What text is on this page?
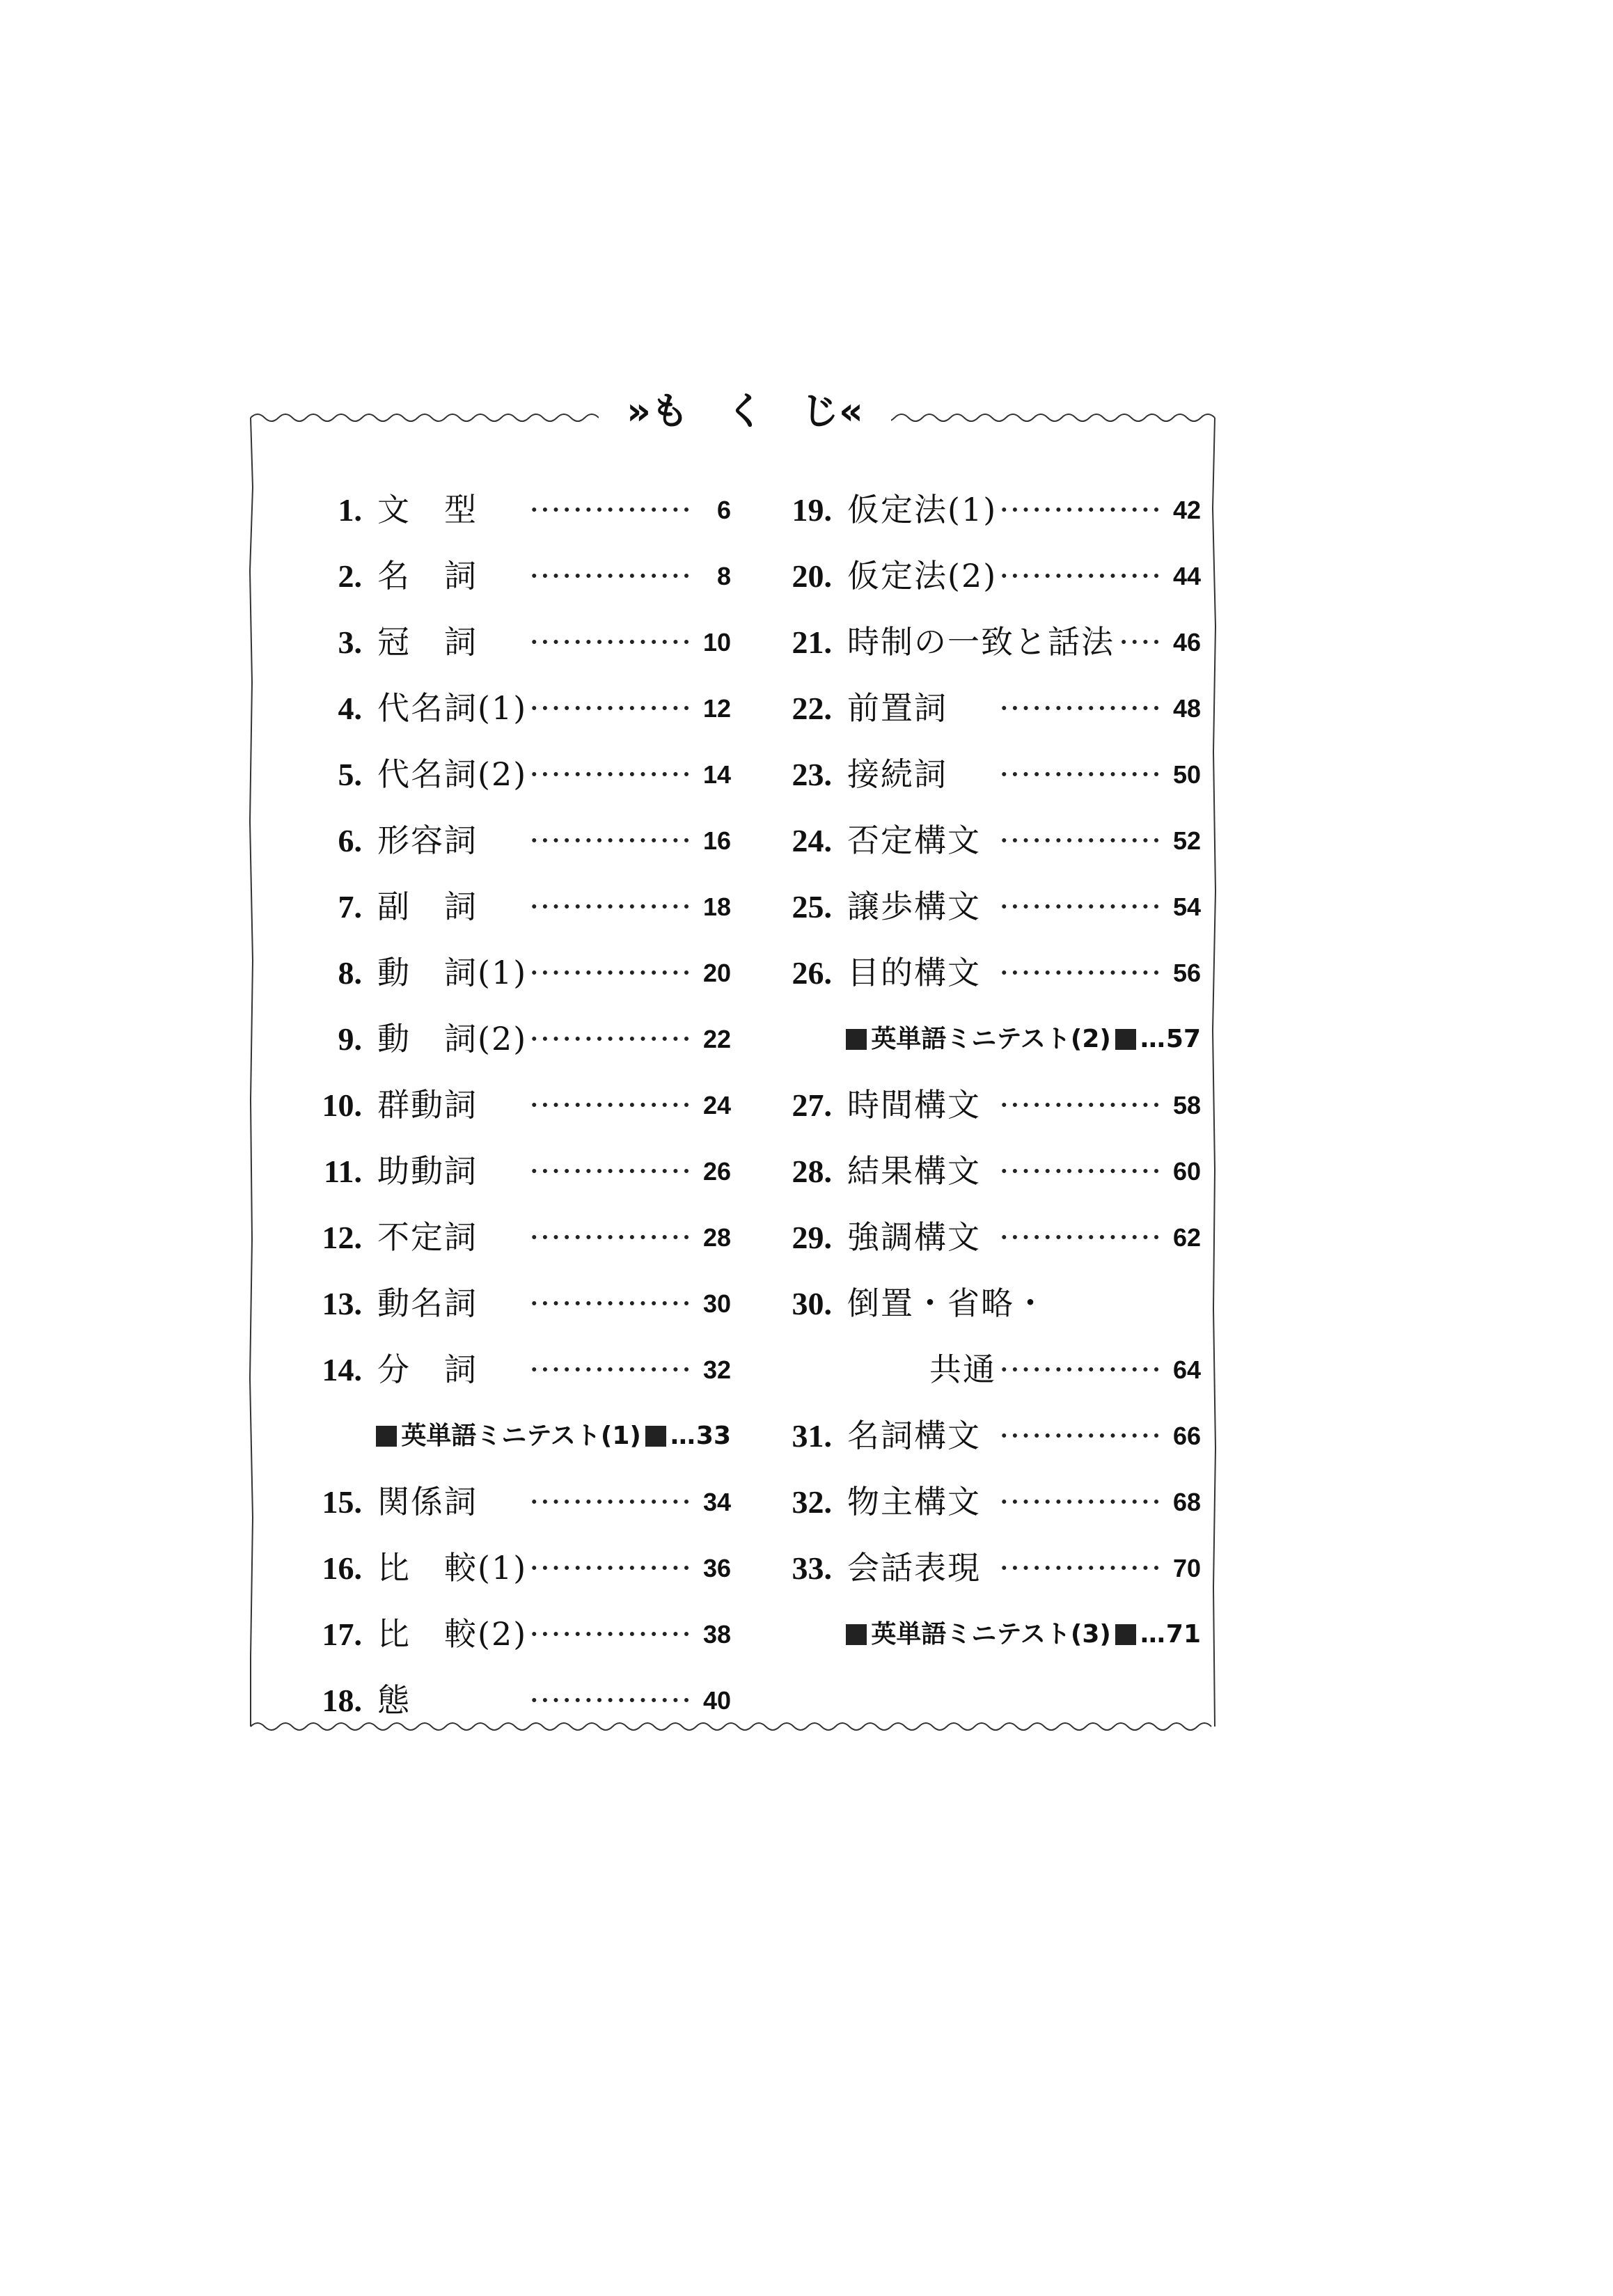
»も　く　じ«
1. 文　型 ·····	6
2. 名　詞 ·····	8
3. 冠　詞 ·····	10
4. 代名詞(1) ·····	12
5. 代名詞(2) ·····	14
6. 形容詞 ·····	16
7. 副　詞 ·····	18
8. 動　詞(1) ·····	20
9. 動　詞(2) ·····	22
10. 群動詞 ·····	24
11. 助動詞 ·····	26
12. 不定詞 ·····	28
13. 動名詞 ·····	30
14. 分　詞 ·····	32
英単語ミニテスト(1) …33
15. 関係詞 ·····	34
16. 比　較(1) ·····	36
17. 比　較(2) ·····	38
18. 態 ·····	40
19. 仮定法(1) ·····	42
20. 仮定法(2) ·····	44
21. 時制の一致と話法 ·····	46
22. 前置詞 ·····	48
23. 接続詞 ·····	50
24. 否定構文 ·····	52
25. 譲歩構文 ·····	54
26. 目的構文 ·····	56
英単語ミニテスト(2) …57
27. 時間構文 ·····	58
28. 結果構文 ·····	60
29. 強調構文 ·····	62
30. 倒置・省略・
共通 ·····	64
31. 名詞構文 ·····	66
32. 物主構文 ·····	68
33. 会話表現 ·····	70
英単語ミニテスト(3) …71
